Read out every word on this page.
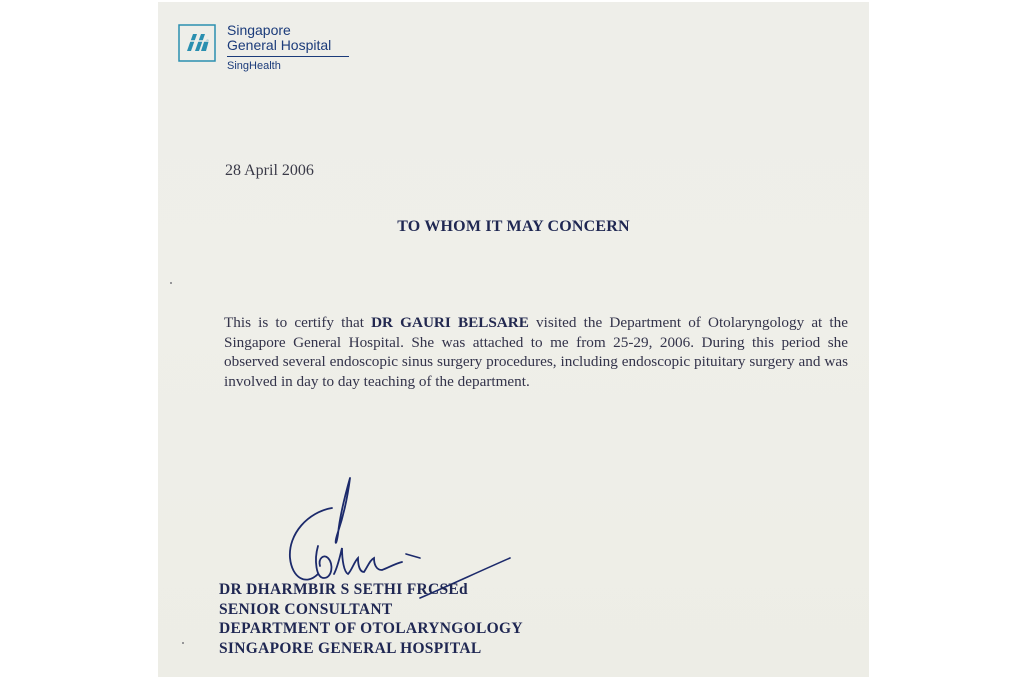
Singapore
General Hospital
SingHealth
28 April 2006
TO WHOM IT MAY CONCERN
This is to certify that DR GAURI BELSARE visited the Department of Otolaryngology at the Singapore General Hospital. She was attached to me from 25-29, 2006. During this period she observed several endoscopic sinus surgery procedures, including endoscopic pituitary surgery and was involved in day to day teaching of the department.
DR DHARMBIR S SETHI FRCSEd
SENIOR CONSULTANT
DEPARTMENT OF OTOLARYNGOLOGY
SINGAPORE GENERAL HOSPITAL
